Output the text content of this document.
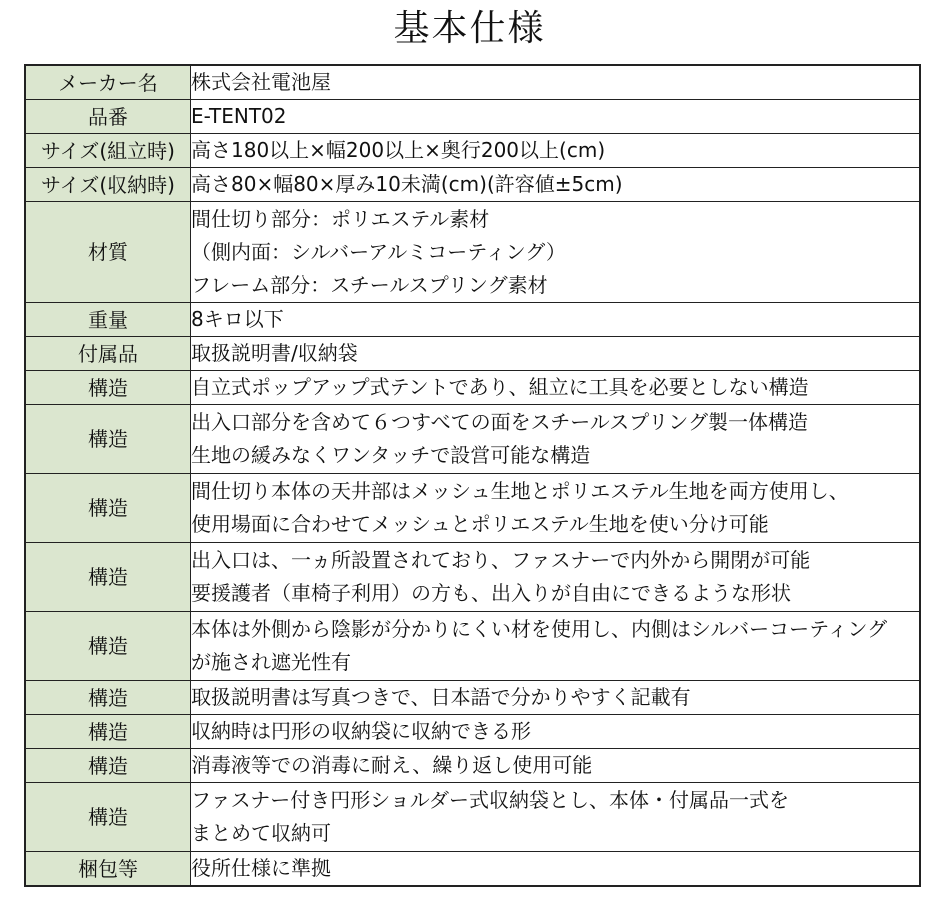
基本仕様
メーカー名	株式会社電池屋

品番	E-TENT02

サイズ(組立時)	高さ180以上×幅200以上×奥行200以上(cm)

サイズ(収納時)	高さ80×幅80×厚み10未満(cm)(許容値±5cm)

材質	間仕切り部分：ポリエステル素材
（側内面：シルバーアルミコーティング）
フレーム部分：スチールスプリング素材

重量	8キロ以下

付属品	取扱説明書/収納袋

構造	自立式ポップアップ式テントであり、組立に工具を必要としない構造

構造	出入口部分を含めて６つすべての面をスチールスプリング製一体構造
生地の緩みなくワンタッチで設営可能な構造

構造	間仕切り本体の天井部はメッシュ生地とポリエステル生地を両方使用し、
使用場面に合わせてメッシュとポリエステル生地を使い分け可能

構造	出入口は、一ヵ所設置されており、ファスナーで内外から開閉が可能
要援護者（車椅子利用）の方も、出入りが自由にできるような形状

構造	本体は外側から陰影が分かりにくい材を使用し、内側はシルバーコーティング
が施され遮光性有

構造	取扱説明書は写真つきで、日本語で分かりやすく記載有

構造	収納時は円形の収納袋に収納できる形

構造	消毒液等での消毒に耐え、繰り返し使用可能

構造	ファスナー付き円形ショルダー式収納袋とし、本体・付属品一式を
まとめて収納可

梱包等	役所仕様に準拠
